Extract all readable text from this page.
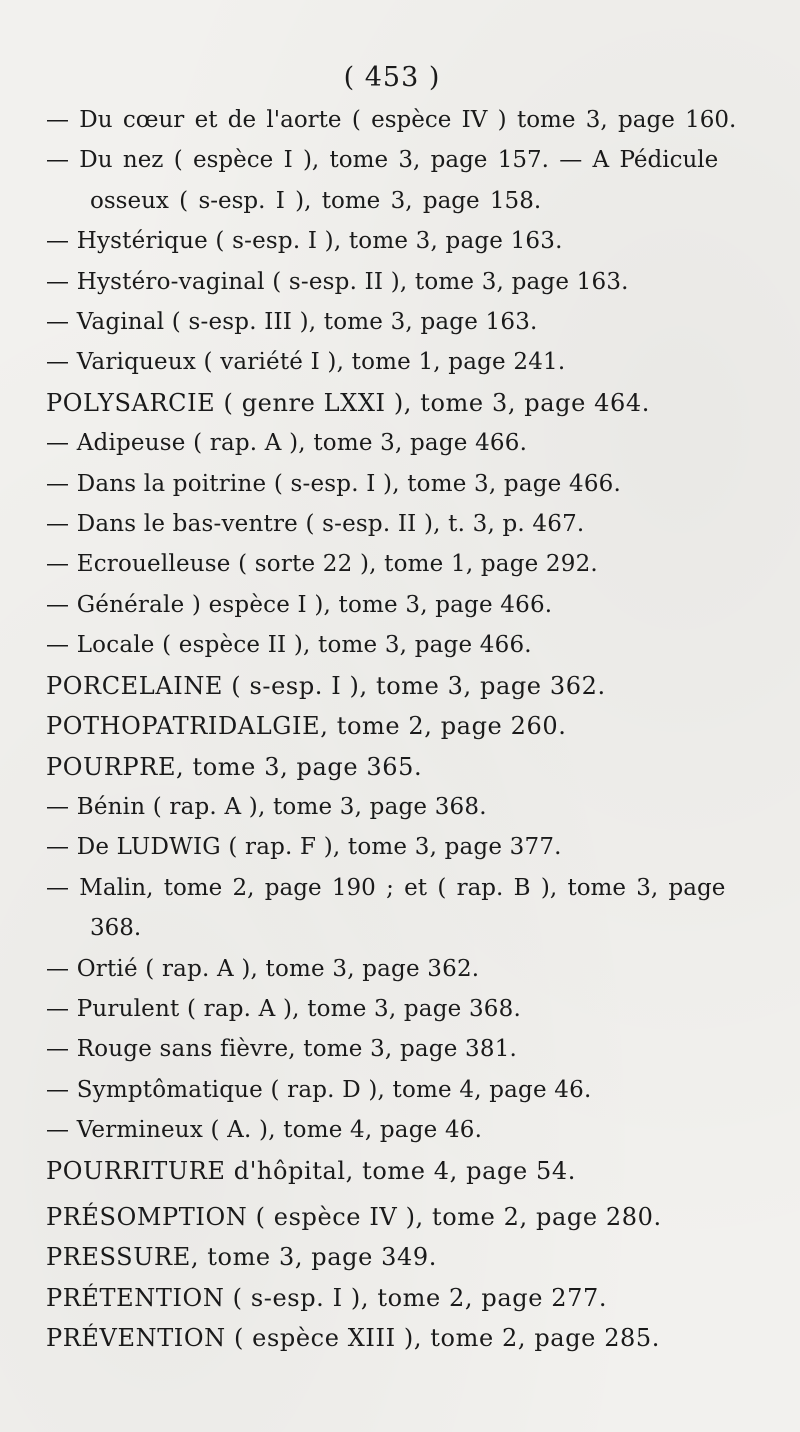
( 453 )
— Du cœur et de l'aorte ( espèce IV ) tome 3, page 160.
— Du nez ( espèce I ), tome 3, page 157. — A Pédicule osseux ( s-esp. I ), tome 3, page 158.
— Hystérique ( s-esp. I ), tome 3, page 163.
— Hystéro-vaginal ( s-esp. II ), tome 3, page 163.
— Vaginal ( s-esp. III ), tome 3, page 163.
— Variqueux ( variété I ), tome 1, page 241.
POLYSARCIE ( genre LXXI ), tome 3, page 464.
— Adipeuse ( rap. A ), tome 3, page 466.
— Dans la poitrine ( s-esp. I ), tome 3, page 466.
— Dans le bas-ventre ( s-esp. II ), t. 3, p. 467.
— Ecrouelleuse ( sorte 22 ), tome 1, page 292.
— Générale ) espèce I ), tome 3, page 466.
— Locale ( espèce II ), tome 3, page 466.
PORCELAINE ( s-esp. I ), tome 3, page 362.
POTHOPATRIDALGIE, tome 2, page 260.
POURPRE, tome 3, page 365.
— Bénin ( rap. A ), tome 3, page 368.
— De LUDWIG ( rap. F ), tome 3, page 377.
— Malin, tome 2, page 190 ; et ( rap. B ), tome 3, page 368.
— Ortié ( rap. A ), tome 3, page 362.
— Purulent ( rap. A ), tome 3, page 368.
— Rouge sans fièvre, tome 3, page 381.
— Symptômatique ( rap. D ), tome 4, page 46.
— Vermineux ( A. ), tome 4, page 46.
POURRITURE d'hôpital, tome 4, page 54.
PRÉSOMPTION ( espèce IV ), tome 2, page 280.
PRESSURE, tome 3, page 349.
PRÉTENTION ( s-esp. I ), tome 2, page 277.
PRÉVENTION ( espèce XIII ), tome 2, page 285.
